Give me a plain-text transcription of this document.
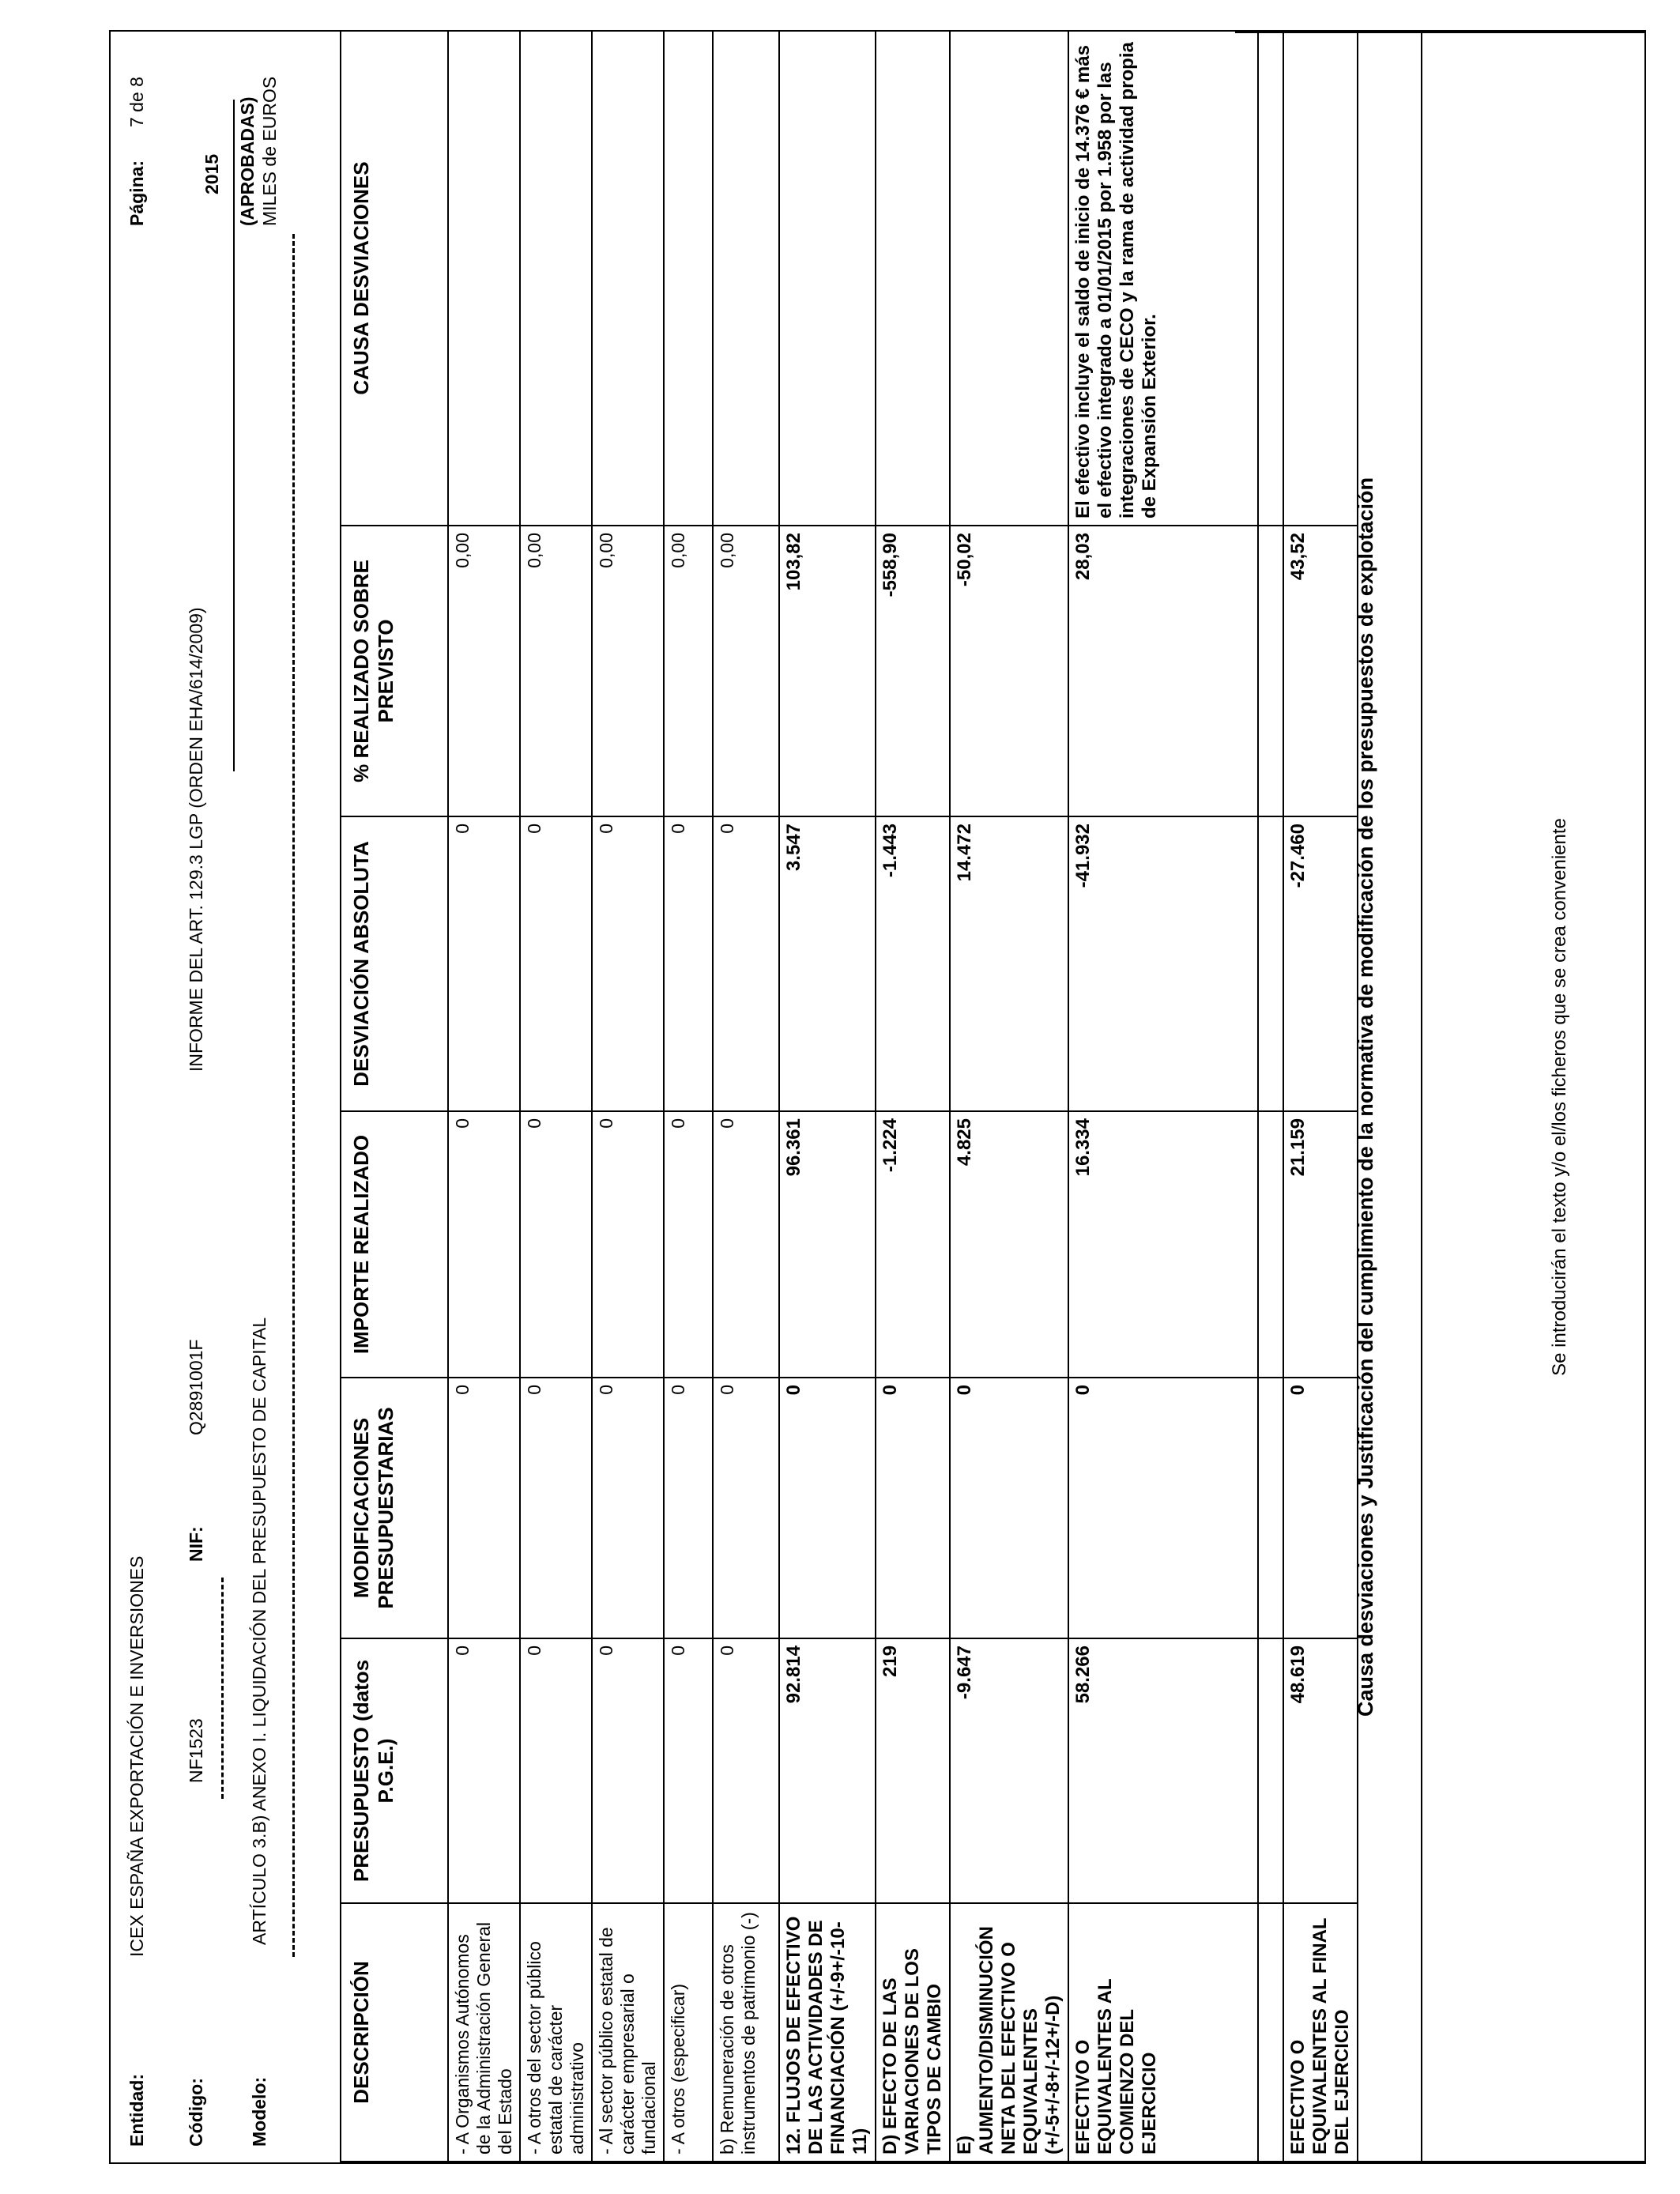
Entidad:
ICEX ESPAÑA EXPORTACIÓN E INVERSIONES
Código:
NF1523
NIF:
Q2891001F
INFORME DEL ART. 129.3 LGP (ORDEN EHA/614/2009)
Modelo:
ARTÍCULO 3.B) ANEXO I. LIQUIDACIÓN DEL PRESUPUESTO DE CAPITAL
Página:
7 de 8
2015 (APROBADAS) MILES de EUROS
DESCRIPCIÓN	PRESUPUESTO (datos P.G.E.)	MODIFICACIONES PRESUPUESTARIAS	IMPORTE REALIZADO	DESVIACIÓN ABSOLUTA	% REALIZADO SOBRE PREVISTO	CAUSA DESVIACIONES
- A Organismos Autónomos de la Administración General del Estado	0	0	0	0	0,00	
- A otros del sector público estatal de carácter administrativo	0	0	0	0	0,00	
- Al sector público estatal de carácter empresarial o fundacional	0	0	0	0	0,00	
- A otros (especificar)	0	0	0	0	0,00	
b) Remuneración de otros instrumentos de patrimonio (-)	0	0	0	0	0,00	
12. FLUJOS DE EFECTIVO DE LAS ACTIVIDADES DE FINANCIACIÓN (+/-9+/-10-11)	92.814	0	96.361	3.547	103,82	
D) EFECTO DE LAS VARIACIONES DE LOS TIPOS DE CAMBIO	219	0	-1.224	-1.443	-558,90	
E) AUMENTO/DISMINUCIÓN NETA DEL EFECTIVO O EQUIVALENTES (+/-5+/-8+/-12+/-D)	-9.647	0	4.825	14.472	-50,02	
EFECTIVO O EQUIVALENTES AL COMIENZO DEL EJERCICIO	58.266	0	16.334	-41.932	28,03	El efectivo incluye el saldo de inicio de 14.376 € más el efectivo integrado a 01/01/2015 por 1.958 por las integraciones de CECO y la rama de actividad propia de Expansión Exterior.
EFECTIVO O EQUIVALENTES AL FINAL DEL EJERCICIO	48.619	0	21.159	-27.460	43,52	Causa desviaciones y Justificación del cumplimiento de la normativa de modificación de los presupuestos de explotación	Se introducirán el texto y/o el/los ficheros que se crea conveniente
